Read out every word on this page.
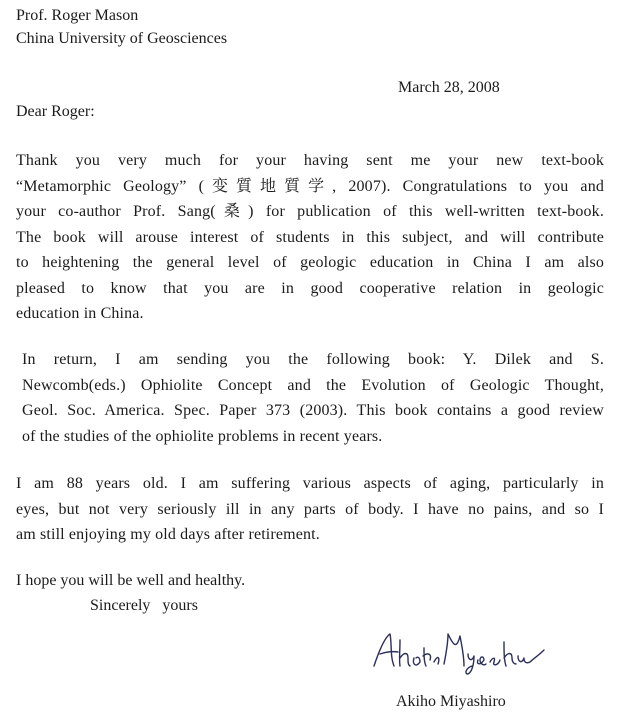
Prof. Roger Mason
China University of Geosciences
March 28, 2008
Dear Roger:
Thank you very much for your having sent me your new text-book
“Metamorphic Geology” (变質地質学, 2007). Congratulations to you and
your co-author Prof. Sang(桑) for publication of this well-written text-book.
The book will arouse interest of students in this subject, and will contribute
to heightening the general level of geologic education in China I am also
pleased to know that you are in good cooperative relation in geologic
education in China.
In return, I am sending you the following book: Y. Dilek and S.
Newcomb(eds.) Ophiolite Concept and the Evolution of Geologic Thought,
Geol. Soc. America. Spec. Paper 373 (2003). This book contains a good review
of the studies of the ophiolite problems in recent years.
I am 88 years old. I am suffering various aspects of aging, particularly in
eyes, but not very seriously ill in any parts of body. I have no pains, and so I
am still enjoying my old days after retirement.
I hope you will be well and healthy.
Sincerely   yours
Akiho Miyashiro
